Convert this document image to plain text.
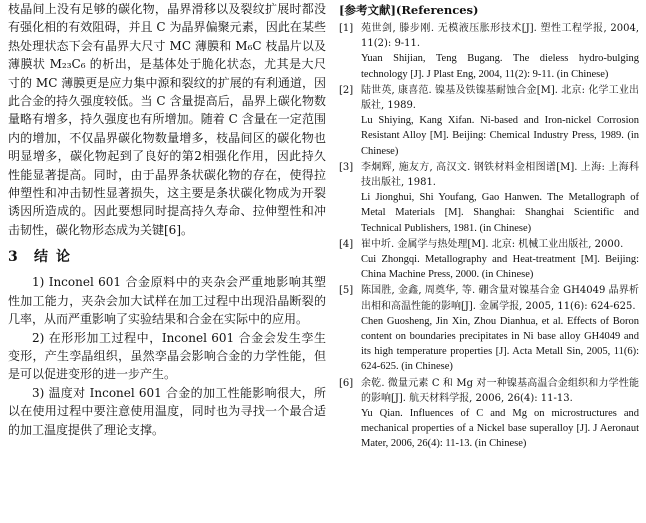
枝晶间上没有足够的碳化物，晶界滑移以及裂纹扩展时都没有强化相的有效阻碍，并且 C 为晶界偏聚元素，因此在某些热处理状态下会有晶界大尺寸 MC 薄膜和 M₆C 枝晶片以及薄膜状 M₂₃C₆ 的析出，是基体处于脆化状态，尤其是大尺寸的 MC 薄膜更是应力集中源和裂纹的扩展的有利通道，因此合金的持久强度较低。当 C 含量提高后，晶界上碳化物数量略有增多，持久强度也有所增加。随着 C 含量在一定范围内的增加，不仅晶界碳化物数量增多，枝晶间区的碳化物也明显增多，碳化物起到了良好的第2相强化作用，因此持久性能显著提高。同时，由于晶界条状碳化物的存在，使得拉伸塑性和冲击韧性显著损失，这主要是条状碳化物成为开裂诱因所造成的。因此要想同时提高持久寿命、拉伸塑性和冲击韧性，碳化物形态成为关键[6]。

3 结论

1) Inconel 601 合金原料中的夹杂会严重地影响其塑性加工能力，夹杂会加大试样在加工过程中出现沿晶断裂的几率，从而严重影响了实验结果和合金在实际中的应用。

2) 在形形加工过程中，Inconel 601 合金会发生孪生变形，产生孪晶组织，虽然孪晶会影响合金的力学性能，但是可以促进变形的进一步产生。

3) 温度对 Inconel 601 合金的加工性能影响很大，所以在使用过程中要注意使用温度，同时也为寻找一个最合适的加工温度提供了理论支撑。

[参考文献](References)
[1] 苑世剑, 滕步刚. 无模液压胀形技术[J]. 塑性工程学报, 2004, 11(2): 9-11.

Yuan Shijian, Teng Bugang. The dieless hydro-bulging technology [J]. J Plast Eng, 2004, 11(2): 9-11. (in Chinese)

[2] 陆世英, 康喜范. 镍基及铁镍基耐蚀合金[M]. 北京: 化学工业出版社, 1989.

Lu Shiying, Kang Xifan. Ni-based and Iron-nickel Corrosion Resistant Alloy [M]. Beijing: Chemical Industry Press, 1989. (in Chinese)

[3] 李炯辉, 施友方, 高汉文. 钢铁材料金相图谱[M]. 上海: 上海科技出版社, 1981.

Li Jionghui, Shi Youfang, Gao Hanwen. The Metallograph of Metal Materials [M]. Shanghai: Shanghai Scientific and Technical Publishers, 1981. (in Chinese)

[4] 崔中圻. 金属学与热处理[M]. 北京: 机械工业出版社, 2000.

Cui Zhongqi. Metallography and Heat-treatment [M]. Beijing: China Machine Press, 2000. (in Chinese)

[5] 陈国胜, 金鑫, 周奠华, 等. 硼含量对镍基合金 GH4049 晶界析出相和高温性能的影响[J]. 金属学报, 2005, 11(6): 624-625.

Chen Guosheng, Jin Xin, Zhou Dianhua, et al. Effects of Boron content on boundaries precipitates in Ni base alloy GH4049 and its high temperature properties [J]. Acta Metall Sin, 2005, 11(6): 624-625. (in Chinese)

[6] 余乾. 微量元素 C 和 Mg 对一种镍基高温合金组织和力学性能的影响[J]. 航天材料学报, 2006, 26(4): 11-13.

Yu Qian. Influences of C and Mg on microstructures and mechanical properties of a Nickel base superalloy [J]. J Aeronaut Mater, 2006, 26(4): 11-13. (in Chinese)
